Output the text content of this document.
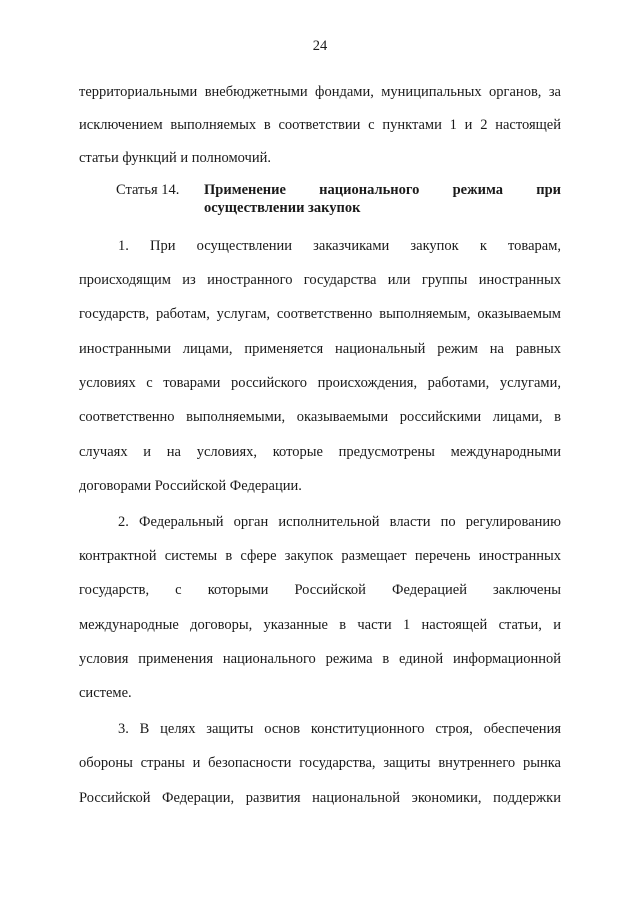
24
территориальными внебюджетными фондами, муниципальных органов, за
исключением выполняемых в соответствии с пунктами 1 и 2 настоящей
статьи функций и полномочий.
Статья 14. Применение национального режима при
осуществлении закупок
1. При осуществлении заказчиками закупок к товарам,
происходящим из иностранного государства или группы иностранных
государств, работам, услугам, соответственно выполняемым, оказываемым
иностранными лицами, применяется национальный режим на равных
условиях с товарами российского происхождения, работами, услугами,
соответственно выполняемыми, оказываемыми российскими лицами, в
случаях и на условиях, которые предусмотрены международными
договорами Российской Федерации.
2. Федеральный орган исполнительной власти по регулированию
контрактной системы в сфере закупок размещает перечень иностранных
государств, с которыми Российской Федерацией заключены
международные договоры, указанные в части 1 настоящей статьи, и
условия применения национального режима в единой информационной
системе.
3. В целях защиты основ конституционного строя, обеспечения
обороны страны и безопасности государства, защиты внутреннего рынка
Российской Федерации, развития национальной экономики, поддержки
